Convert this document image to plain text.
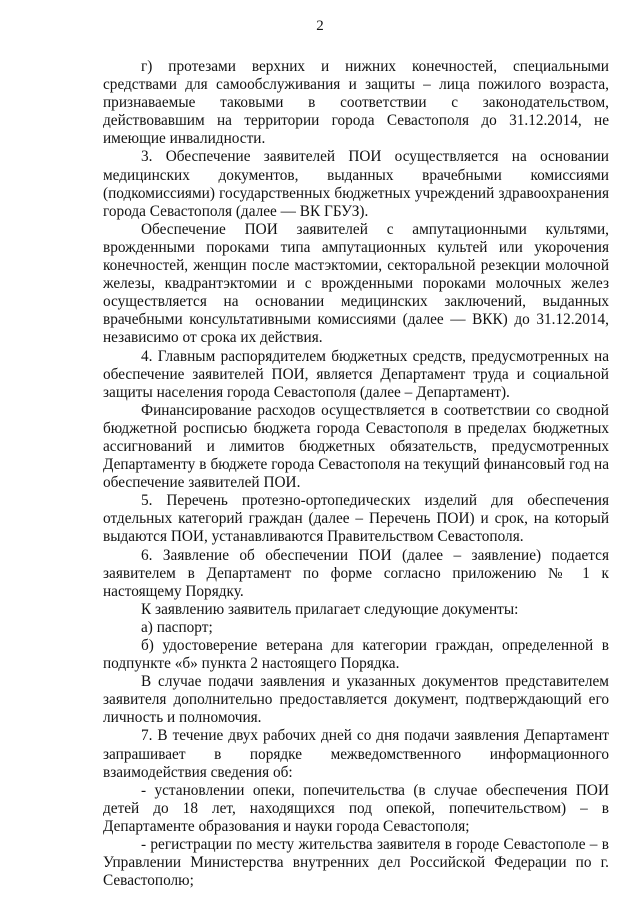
2

г) протезами верхних и нижних конечностей, специальными средствами для самообслуживания и защиты – лица пожилого возраста, признаваемые таковыми в соответствии с законодательством, действовавшим на территории города Севастополя до 31.12.2014, не имеющие инвалидности.

3. Обеспечение заявителей ПОИ осуществляется на основании медицинских документов, выданных врачебными комиссиями (подкомиссиями) государственных бюджетных учреждений здравоохранения города Севастополя (далее — ВК ГБУЗ).

Обеспечение ПОИ заявителей с ампутационными культями, врожденными пороками типа ампутационных культей или укорочения конечностей, женщин после мастэктомии, секторальной резекции молочной железы, квадрантэктомии и с врожденными пороками молочных желез осуществляется на основании медицинских заключений, выданных врачебными консультативными комиссиями (далее — ВКК) до 31.12.2014, независимо от срока их действия.

4. Главным распорядителем бюджетных средств, предусмотренных на обеспечение заявителей ПОИ, является Департамент труда и социальной защиты населения города Севастополя (далее – Департамент).

Финансирование расходов осуществляется в соответствии со сводной бюджетной росписью бюджета города Севастополя в пределах бюджетных ассигнований и лимитов бюджетных обязательств, предусмотренных Департаменту в бюджете города Севастополя на текущий финансовый год на обеспечение заявителей ПОИ.

5. Перечень протезно-ортопедических изделий для обеспечения отдельных категорий граждан (далее – Перечень ПОИ) и срок, на который выдаются ПОИ, устанавливаются Правительством Севастополя.

6. Заявление об обеспечении ПОИ (далее – заявление) подается заявителем в Департамент по форме согласно приложению № 1 к настоящему Порядку.

К заявлению заявитель прилагает следующие документы:

а) паспорт;

б) удостоверение ветерана для категории граждан, определенной в подпункте «б» пункта 2 настоящего Порядка.

В случае подачи заявления и указанных документов представителем заявителя дополнительно предоставляется документ, подтверждающий его личность и полномочия.

7. В течение двух рабочих дней со дня подачи заявления Департамент запрашивает в порядке межведомственного информационного взаимодействия сведения об:

- установлении опеки, попечительства (в случае обеспечения ПОИ детей до 18 лет, находящихся под опекой, попечительством) – в Департаменте образования и науки города Севастополя;

- регистрации по месту жительства заявителя в городе Севастополе – в Управлении Министерства внутренних дел Российской Федерации по г. Севастополю;
